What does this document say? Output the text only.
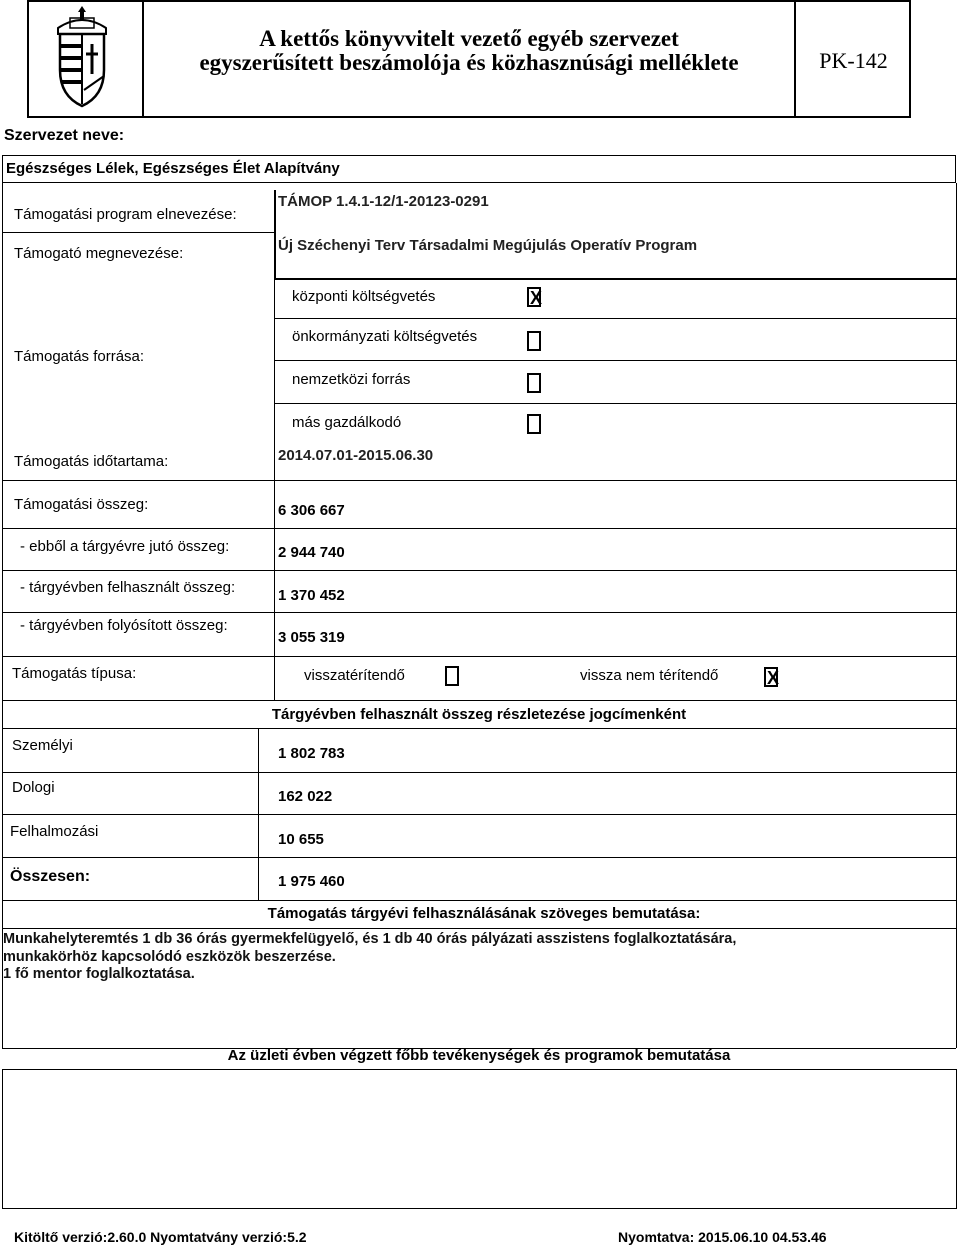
A kettős könyvvitelt vezető egyéb szervezet
egyszerűsített beszámolója és közhasznúsági melléklete	PK-142
Szervezet neve:
Egészséges Lélek, Egészséges Élet Alapítvány
Támogatási program elnevezése:
TÁMOP 1.4.1-12/1-20123-0291
Támogató megnevezése:	Új Széchenyi Terv Társadalmi Megújulás Operatív Program
Támogatás forrása:
központi költségvetés	X
önkormányzati költségvetés
nemzetközi forrás
más gazdálkodó
Támogatás időtartama:	2014.07.01-2015.06.30
Támogatási összeg:	6 306 667
- ebből a tárgyévre jutó összeg:	2 944 740
- tárgyévben felhasznált összeg:	1 370 452
- tárgyévben folyósított összeg:
3 055 319
Támogatás típusa:	visszatérítendő	vissza nem térítendő	X
Tárgyévben felhasznált összeg részletezése jogcímenként
Személyi	1 802 783
Dologi
162 022
Felhalmozási	10 655
Összesen:	1 975 460
Támogatás tárgyévi felhasználásának szöveges bemutatása:
Munkahelyteremtés 1 db 36 órás gyermekfelügyelő, és 1 db 40 órás pályázati asszistens foglalkoztatására,
munkakörhöz kapcsolódó eszközök beszerzése.
1 fő mentor foglalkoztatása.
Az üzleti évben végzett főbb tevékenységek és programok bemutatása
Kitöltő verzió:2.60.0 Nyomtatvány verzió:5.2	Nyomtatva: 2015.06.10 04.53.46
